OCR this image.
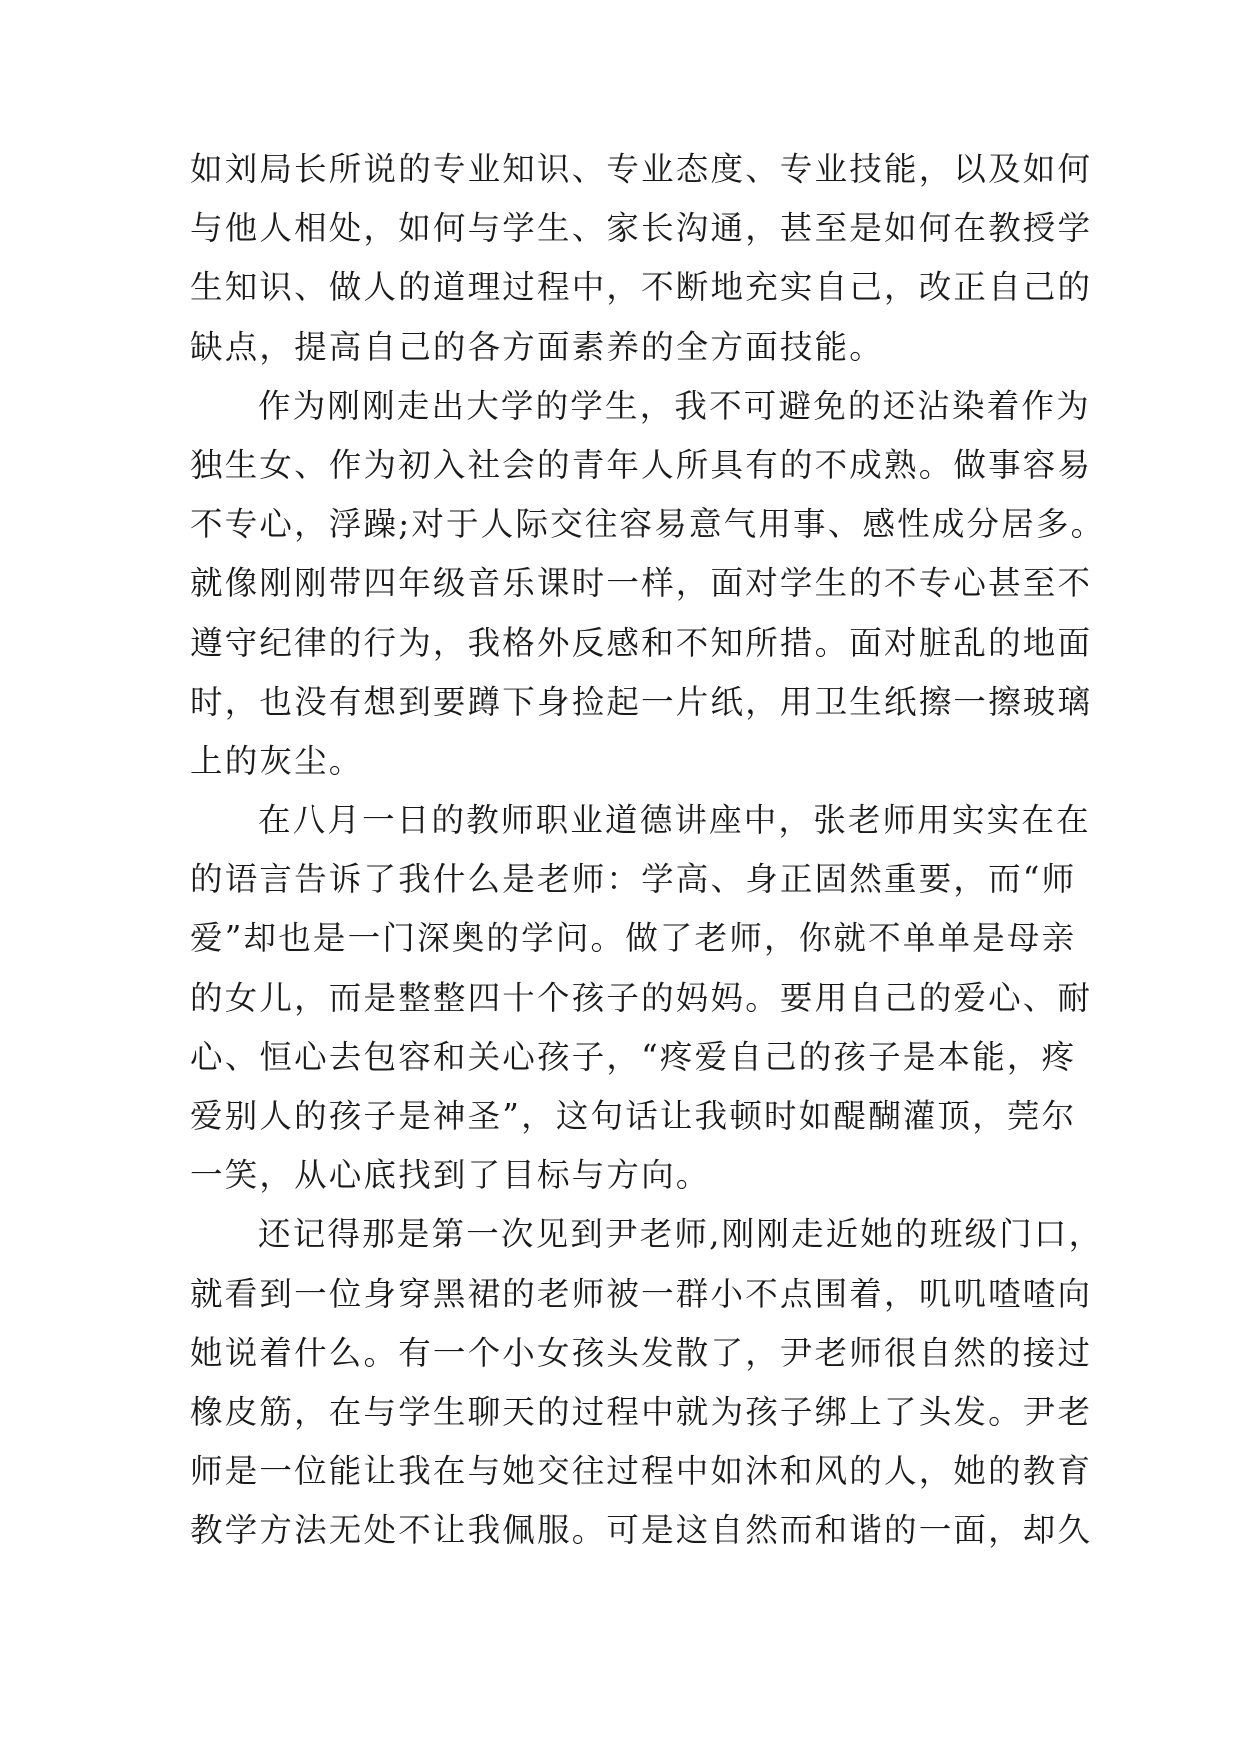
如刘局长所说的专业知识、专业态度、专业技能，以及如何
与他人相处，如何与学生、家长沟通，甚至是如何在教授学
生知识、做人的道理过程中，不断地充实自己，改正自己的
缺点，提高自己的各方面素养的全方面技能。
作为刚刚走出大学的学生，我不可避免的还沾染着作为
独生女、作为初入社会的青年人所具有的不成熟。做事容易
不专心，浮躁;对于人际交往容易意气用事、感性成分居多。
就像刚刚带四年级音乐课时一样，面对学生的不专心甚至不
遵守纪律的行为，我格外反感和不知所措。面对脏乱的地面
时，也没有想到要蹲下身捡起一片纸，用卫生纸擦一擦玻璃
上的灰尘。
在八月一日的教师职业道德讲座中，张老师用实实在在
的语言告诉了我什么是老师：学高、身正固然重要，而“师
爱”却也是一门深奥的学问。做了老师，你就不单单是母亲
的女儿，而是整整四十个孩子的妈妈。要用自己的爱心、耐
心、恒心去包容和关心孩子，“疼爱自己的孩子是本能，疼
爱别人的孩子是神圣”，这句话让我顿时如醍醐灌顶，莞尔
一笑，从心底找到了目标与方向。
还记得那是第一次见到尹老师,刚刚走近她的班级门口，
就看到一位身穿黑裙的老师被一群小不点围着，叽叽喳喳向
她说着什么。有一个小女孩头发散了，尹老师很自然的接过
橡皮筋，在与学生聊天的过程中就为孩子绑上了头发。尹老
师是一位能让我在与她交往过程中如沐和风的人，她的教育
教学方法无处不让我佩服。可是这自然而和谐的一面，却久
